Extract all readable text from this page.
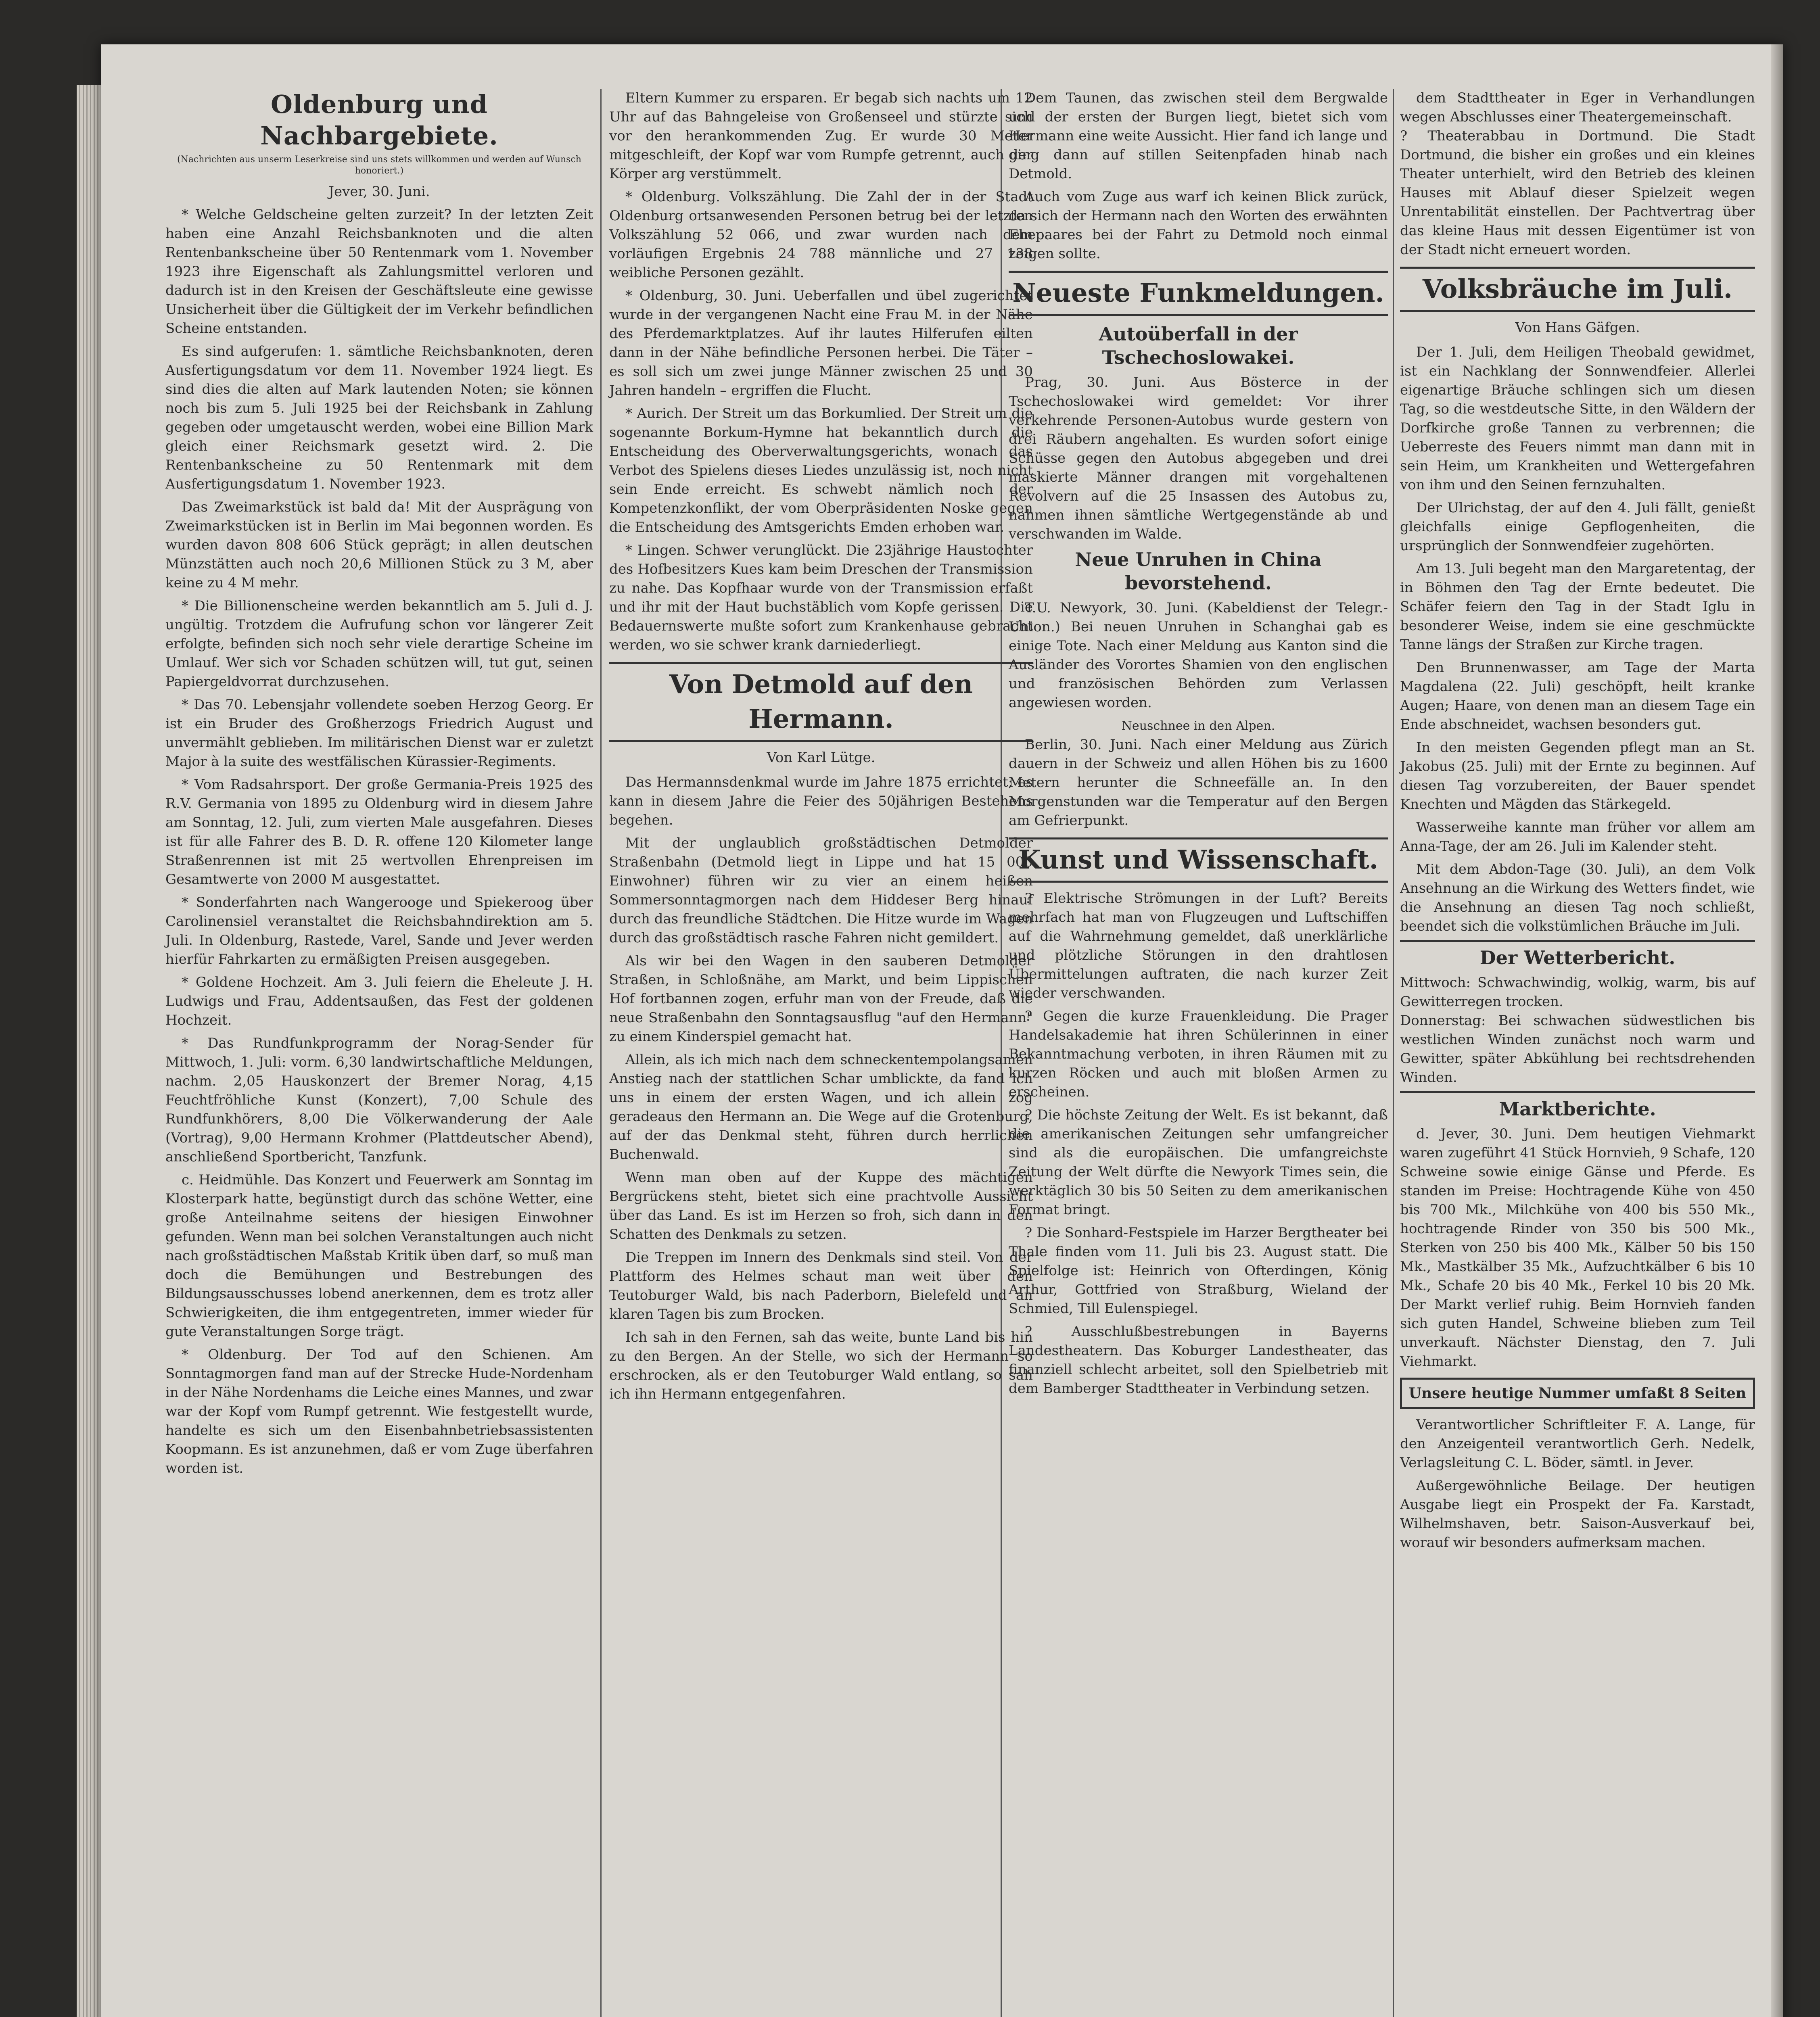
Oldenburg und Nachbargebiete.
(Nachrichten aus unserm Leserkreise sind uns stets willkommen und werden auf Wunsch honoriert.)
Jever, 30. Juni.

* Welche Geldscheine gelten zurzeit? In der letzten Zeit haben eine Anzahl Reichsbanknoten und die alten Rentenbankscheine über 50 Rentenmark vom 1. November 1923 ihre Eigenschaft als Zahlungsmittel verloren und dadurch ist in den Kreisen der Geschäftsleute eine gewisse Unsicherheit über die Gültigkeit der im Verkehr befindlichen Scheine entstanden.

Es sind aufgerufen: 1. sämtliche Reichsbanknoten, deren Ausfertigungsdatum vor dem 11. November 1924 liegt. Es sind dies die alten auf Mark lautenden Noten; sie können noch bis zum 5. Juli 1925 bei der Reichsbank in Zahlung gegeben oder umgetauscht werden, wobei eine Billion Mark gleich einer Reichsmark gesetzt wird. 2. Die Rentenbankscheine zu 50 Rentenmark mit dem Ausfertigungsdatum 1. November 1923.

Das Zweimarkstück ist bald da! Mit der Ausprägung von Zweimarkstücken ist in Berlin im Mai begonnen worden. Es wurden davon 808 606 Stück geprägt; in allen deutschen Münzstätten auch noch 20,6 Millionen Stück zu 3 M, aber keine zu 4 M mehr.

* Die Billionenscheine werden bekanntlich am 5. Juli d. J. ungültig. Trotzdem die Aufrufung schon vor längerer Zeit erfolgte, befinden sich noch sehr viele derartige Scheine im Umlauf. Wer sich vor Schaden schützen will, tut gut, seinen Papiergeldvorrat durchzusehen.

* Das 70. Lebensjahr vollendete soeben Herzog Georg. Er ist ein Bruder des Großherzogs Friedrich August und unvermählt geblieben. Im militärischen Dienst war er zuletzt Major à la suite des westfälischen Kürassier-Regiments.

* Vom Radsahrsport. Der große Germania-Preis 1925 des R.V. Germania von 1895 zu Oldenburg wird in diesem Jahre am Sonntag, 12. Juli, zum vierten Male ausgefahren. Dieses ist für alle Fahrer des B. D. R. offene 120 Kilometer lange Straßenrennen ist mit 25 wertvollen Ehrenpreisen im Gesamtwerte von 2000 M ausgestattet.

* Sonderfahrten nach Wangerooge und Spiekeroog über Carolinensiel veranstaltet die Reichsbahndirektion am 5. Juli. In Oldenburg, Rastede, Varel, Sande und Jever werden hierfür Fahrkarten zu ermäßigten Preisen ausgegeben.

* Goldene Hochzeit. Am 3. Juli feiern die Eheleute J. H. Ludwigs und Frau, Addentsaußen, das Fest der goldenen Hochzeit.

* Das Rundfunkprogramm der Norag-Sender für Mittwoch, 1. Juli: vorm. 6,30 landwirtschaftliche Meldungen, nachm. 2,05 Hauskonzert der Bremer Norag, 4,15 Feuchtfröhliche Kunst (Konzert), 7,00 Schule des Rundfunkhörers, 8,00 Die Völkerwanderung der Aale (Vortrag), 9,00 Hermann Krohmer (Plattdeutscher Abend), anschließend Sportbericht, Tanzfunk.

c. Heidmühle. Das Konzert und Feuerwerk am Sonntag im Klosterpark hatte, begünstigt durch das schöne Wetter, eine große Anteilnahme seitens der hiesigen Einwohner gefunden. Wenn man bei solchen Veranstaltungen auch nicht nach großstädtischen Maßstab Kritik üben darf, so muß man doch die Bemühungen und Bestrebungen des Bildungsausschusses lobend anerkennen, dem es trotz aller Schwierigkeiten, die ihm entgegentreten, immer wieder für gute Veranstaltungen Sorge trägt.

* Oldenburg. Der Tod auf den Schienen. Am Sonntagmorgen fand man auf der Strecke Hude-Nordenham in der Nähe Nordenhams die Leiche eines Mannes, und zwar war der Kopf vom Rumpf getrennt. Wie festgestellt wurde, handelte es sich um den Eisenbahnbetriebsassistenten Koopmann. Es ist anzunehmen, daß er vom Zuge überfahren worden ist.

Eltern Kummer zu ersparen. Er begab sich nachts um 12 Uhr auf das Bahngeleise von Großenseel und stürzte sich vor den herankommenden Zug. Er wurde 30 Meter mitgeschleift, der Kopf war vom Rumpfe getrennt, auch der Körper arg verstümmelt.

* Oldenburg. Volkszählung. Die Zahl der in der Stadt Oldenburg ortsanwesenden Personen betrug bei der letzten Volkszählung 52 066, und zwar wurden nach dem vorläufigen Ergebnis 24 788 männliche und 27 138 weibliche Personen gezählt.

* Oldenburg, 30. Juni. Ueberfallen und übel zugerichtet wurde in der vergangenen Nacht eine Frau M. in der Nähe des Pferdemarktplatzes. Auf ihr lautes Hilferufen eilten dann in der Nähe befindliche Personen herbei. Die Täter – es soll sich um zwei junge Männer zwischen 25 und 30 Jahren handeln – ergriffen die Flucht.

* Aurich. Der Streit um das Borkumlied. Der Streit um die sogenannte Borkum-Hymne hat bekanntlich durch die Entscheidung des Oberverwaltungsgerichts, wonach das Verbot des Spielens dieses Liedes unzulässig ist, noch nicht sein Ende erreicht. Es schwebt nämlich noch der Kompetenzkonflikt, der vom Oberpräsidenten Noske gegen die Entscheidung des Amtsgerichts Emden erhoben war.

* Lingen. Schwer verunglückt. Die 23jährige Haustochter des Hofbesitzers Kues kam beim Dreschen der Transmission zu nahe. Das Kopfhaar wurde von der Transmission erfaßt und ihr mit der Haut buchstäblich vom Kopfe gerissen. Die Bedauernswerte mußte sofort zum Krankenhause gebracht werden, wo sie schwer krank darniederliegt.

Von Detmold auf den Hermann.
Von Karl Lütge.

Das Hermannsdenkmal wurde im Jahre 1875 errichtet; es kann in diesem Jahre die Feier des 50jährigen Bestehens begehen.

Mit der unglaublich großstädtischen Detmolder Straßenbahn (Detmold liegt in Lippe und hat 15 000 Einwohner) führen wir zu vier an einem heißen Sommersonntagmorgen nach dem Hiddeser Berg hinauf durch das freundliche Städtchen. Die Hitze wurde im Wagen durch das großstädtisch rasche Fahren nicht gemildert.

Als wir bei den Wagen in den sauberen Detmolder Straßen, in Schloßnähe, am Markt, und beim Lippischen Hof fortbannen zogen, erfuhr man von der Freude, daß die neue Straßenbahn den Sonntagsausflug "auf den Hermann" zu einem Kinderspiel gemacht hat.

Allein, als ich mich nach dem schneckentempolangsamen Anstieg nach der stattlichen Schar umblickte, da fand ich uns in einem der ersten Wagen, und ich allein zog geradeaus den Hermann an. Die Wege auf die Grotenburg, auf der das Denkmal steht, führen durch herrlichen Buchenwald.

Wenn man oben auf der Kuppe des mächtigen Bergrückens steht, bietet sich eine prachtvolle Aussicht über das Land. Es ist im Herzen so froh, sich dann in den Schatten des Denkmals zu setzen.

Die Treppen im Innern des Denkmals sind steil. Von der Plattform des Helmes schaut man weit über den Teutoburger Wald, bis nach Paderborn, Bielefeld und an klaren Tagen bis zum Brocken.

Ich sah in den Fernen, sah das weite, bunte Land bis hin zu den Bergen. An der Stelle, wo sich der Hermann so erschrocken, als er den Teutoburger Wald entlang, so sah ich ihn Hermann entgegenfahren.

Dem Taunen, das zwischen steil dem Bergwalde und der ersten der Burgen liegt, bietet sich vom Hermann eine weite Aussicht. Hier fand ich lange und ging dann auf stillen Seitenpfaden hinab nach Detmold.

Auch vom Zuge aus warf ich keinen Blick zurück, da sich der Hermann nach den Worten des erwähnten Ehepaares bei der Fahrt zu Detmold noch einmal zeigen sollte.

Neueste Funkmeldungen.
Autoüberfall in der Tschechoslowakei.

Prag, 30. Juni. Aus Bösterce in der Tschechoslowakei wird gemeldet: Vor ihrer verkehrende Personen-Autobus wurde gestern von drei Räubern angehalten. Es wurden sofort einige Schüsse gegen den Autobus abgegeben und drei maskierte Männer drangen mit vorgehaltenen Revolvern auf die 25 Insassen des Autobus zu, nahmen ihnen sämtliche Wertgegenstände ab und verschwanden im Walde.

Neue Unruhen in China bevorstehend.

T.U. Newyork, 30. Juni. (Kabeldienst der Telegr.-Union.) Bei neuen Unruhen in Schanghai gab es einige Tote. Nach einer Meldung aus Kanton sind die Ausländer des Vorortes Shamien von den englischen und französischen Behörden zum Verlassen angewiesen worden.

Neuschnee in den Alpen.

Berlin, 30. Juni. Nach einer Meldung aus Zürich dauern in der Schweiz und allen Höhen bis zu 1600 Metern herunter die Schneefälle an. In den Morgenstunden war die Temperatur auf den Bergen am Gefrierpunkt.

Kunst und Wissenschaft.

? Elektrische Strömungen in der Luft? Bereits mehrfach hat man von Flugzeugen und Luftschiffen auf die Wahrnehmung gemeldet, daß unerklärliche und plötzliche Störungen in den drahtlosen Übermittelungen auftraten, die nach kurzer Zeit wieder verschwanden.

? Gegen die kurze Frauenkleidung. Die Prager Handelsakademie hat ihren Schülerinnen in einer Bekanntmachung verboten, in ihren Räumen mit zu kurzen Röcken und auch mit bloßen Armen zu erscheinen.

? Die höchste Zeitung der Welt. Es ist bekannt, daß die amerikanischen Zeitungen sehr umfangreicher sind als die europäischen. Die umfangreichste Zeitung der Welt dürfte die Newyork Times sein, die werktäglich 30 bis 50 Seiten zu dem amerikanischen Format bringt.

? Die Sonhard-Festspiele im Harzer Bergtheater bei Thale finden vom 11. Juli bis 23. August statt. Die Spielfolge ist: Heinrich von Ofterdingen, König Arthur, Gottfried von Straßburg, Wieland der Schmied, Till Eulenspiegel.

? Ausschlußbestrebungen in Bayerns Landestheatern. Das Koburger Landestheater, das finanziell schlecht arbeitet, soll den Spielbetrieb mit dem Bamberger Stadttheater in Verbindung setzen.

dem Stadttheater in Eger in Verhandlungen wegen Abschlusses einer Theatergemeinschaft.
? Theaterabbau in Dortmund. Die Stadt Dortmund, die bisher ein großes und ein kleines Theater unterhielt, wird den Betrieb des kleinen Hauses mit Ablauf dieser Spielzeit wegen Unrentabilität einstellen. Der Pachtvertrag über das kleine Haus mit dessen Eigentümer ist von der Stadt nicht erneuert worden.

Volksbräuche im Juli.
Von Hans Gäfgen.

Der 1. Juli, dem Heiligen Theobald gewidmet, ist ein Nachklang der Sonnwendfeier. Allerlei eigenartige Bräuche schlingen sich um diesen Tag, so die westdeutsche Sitte, in den Wäldern der Dorfkirche große Tannen zu verbrennen; die Ueberreste des Feuers nimmt man dann mit in sein Heim, um Krankheiten und Wettergefahren von ihm und den Seinen fernzuhalten.

Der Ulrichstag, der auf den 4. Juli fällt, genießt gleichfalls einige Gepflogenheiten, die ursprünglich der Sonnwendfeier zugehörten.

Am 13. Juli begeht man den Margaretentag, der in Böhmen den Tag der Ernte bedeutet. Die Schäfer feiern den Tag in der Stadt Iglu in besonderer Weise, indem sie eine geschmückte Tanne längs der Straßen zur Kirche tragen.

Den Brunnenwasser, am Tage der Marta Magdalena (22. Juli) geschöpft, heilt kranke Augen; Haare, von denen man an diesem Tage ein Ende abschneidet, wachsen besonders gut.

In den meisten Gegenden pflegt man an St. Jakobus (25. Juli) mit der Ernte zu beginnen. Auf diesen Tag vorzubereiten, der Bauer spendet Knechten und Mägden das Stärkegeld.

Wasserweihe kannte man früher vor allem am Anna-Tage, der am 26. Juli im Kalender steht.

Mit dem Abdon-Tage (30. Juli), an dem Volk Ansehnung an die Wirkung des Wetters findet, wie die Ansehnung an diesen Tag noch schließt, beendet sich die volkstümlichen Bräuche im Juli.

Der Wetterbericht.

Mittwoch: Schwachwindig, wolkig, warm, bis auf Gewitterregen trocken.
Donnerstag: Bei schwachen südwestlichen bis westlichen Winden zunächst noch warm und Gewitter, später Abkühlung bei rechtsdrehenden Winden.

Marktberichte.

d. Jever, 30. Juni. Dem heutigen Viehmarkt waren zugeführt 41 Stück Hornvieh, 9 Schafe, 120 Schweine sowie einige Gänse und Pferde. Es standen im Preise: Hochtragende Kühe von 450 bis 700 Mk., Milchkühe von 400 bis 550 Mk., hochtragende Rinder von 350 bis 500 Mk., Sterken von 250 bis 400 Mk., Kälber 50 bis 150 Mk., Mastkälber 35 Mk., Aufzuchtkälber 6 bis 10 Mk., Schafe 20 bis 40 Mk., Ferkel 10 bis 20 Mk. Der Markt verlief ruhig. Beim Hornvieh fanden sich guten Handel, Schweine blieben zum Teil unverkauft. Nächster Dienstag, den 7. Juli Viehmarkt.

Unsere heutige Nummer umfaßt 8 Seiten

Verantwortlicher Schriftleiter F. A. Lange, für den Anzeigenteil verantwortlich Gerh. Nedelk, Verlagsleitung C. L. Böder, sämtl. in Jever.

Außergewöhnliche Beilage. Der heutigen Ausgabe liegt ein Prospekt der Fa. Karstadt, Wilhelmshaven, betr. Saison-Ausverkauf bei, worauf wir besonders aufmerksam machen.
